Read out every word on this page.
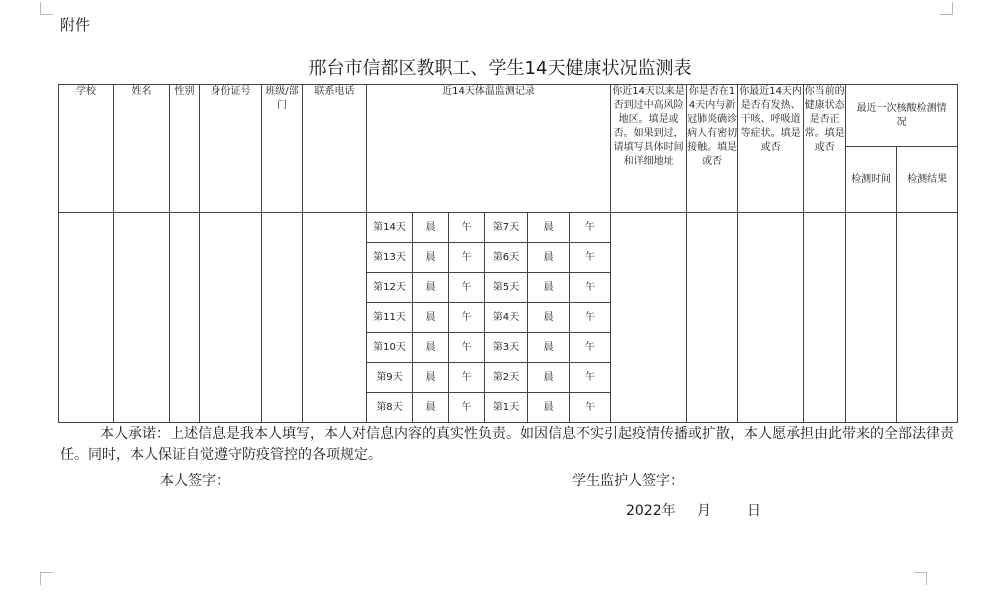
附件
邢台市信都区教职工、学生14天健康状况监测表
学校	姓名	性别	身份证号	班级/部门	联系电话	近14天体温监测记录						你近14天以来是否到过中高风险地区。填是或否。如果到过，请填写具体时间和详细地址	你是否在14天内与新冠肺炎确诊病人有密切接触。填是或否	你最近14天内是否有发热、干咳、呼吸道等症状。填是或否	你当前的健康状态是否正常。填是或否	最近一次核酸检测情况	
																检测时间	检测结果
						第14天	晨	午	第7天	晨	午						
						第13天	晨	午	第6天	晨	午						
						第12天	晨	午	第5天	晨	午						
						第11天	晨	午	第4天	晨	午						
						第10天	晨	午	第3天	晨	午						
						第9天	晨	午	第2天	晨	午						
						第8天	晨	午	第1天	晨	午						
本人承诺：上述信息是我本人填写，本人对信息内容的真实性负责。如因信息不实引起疫情传播或扩散，本人愿承担由此带来的全部法律责任。同时，本人保证自觉遵守防疫管控的各项规定。
本人签字：	学生监护人签字：
2022年 月	日
